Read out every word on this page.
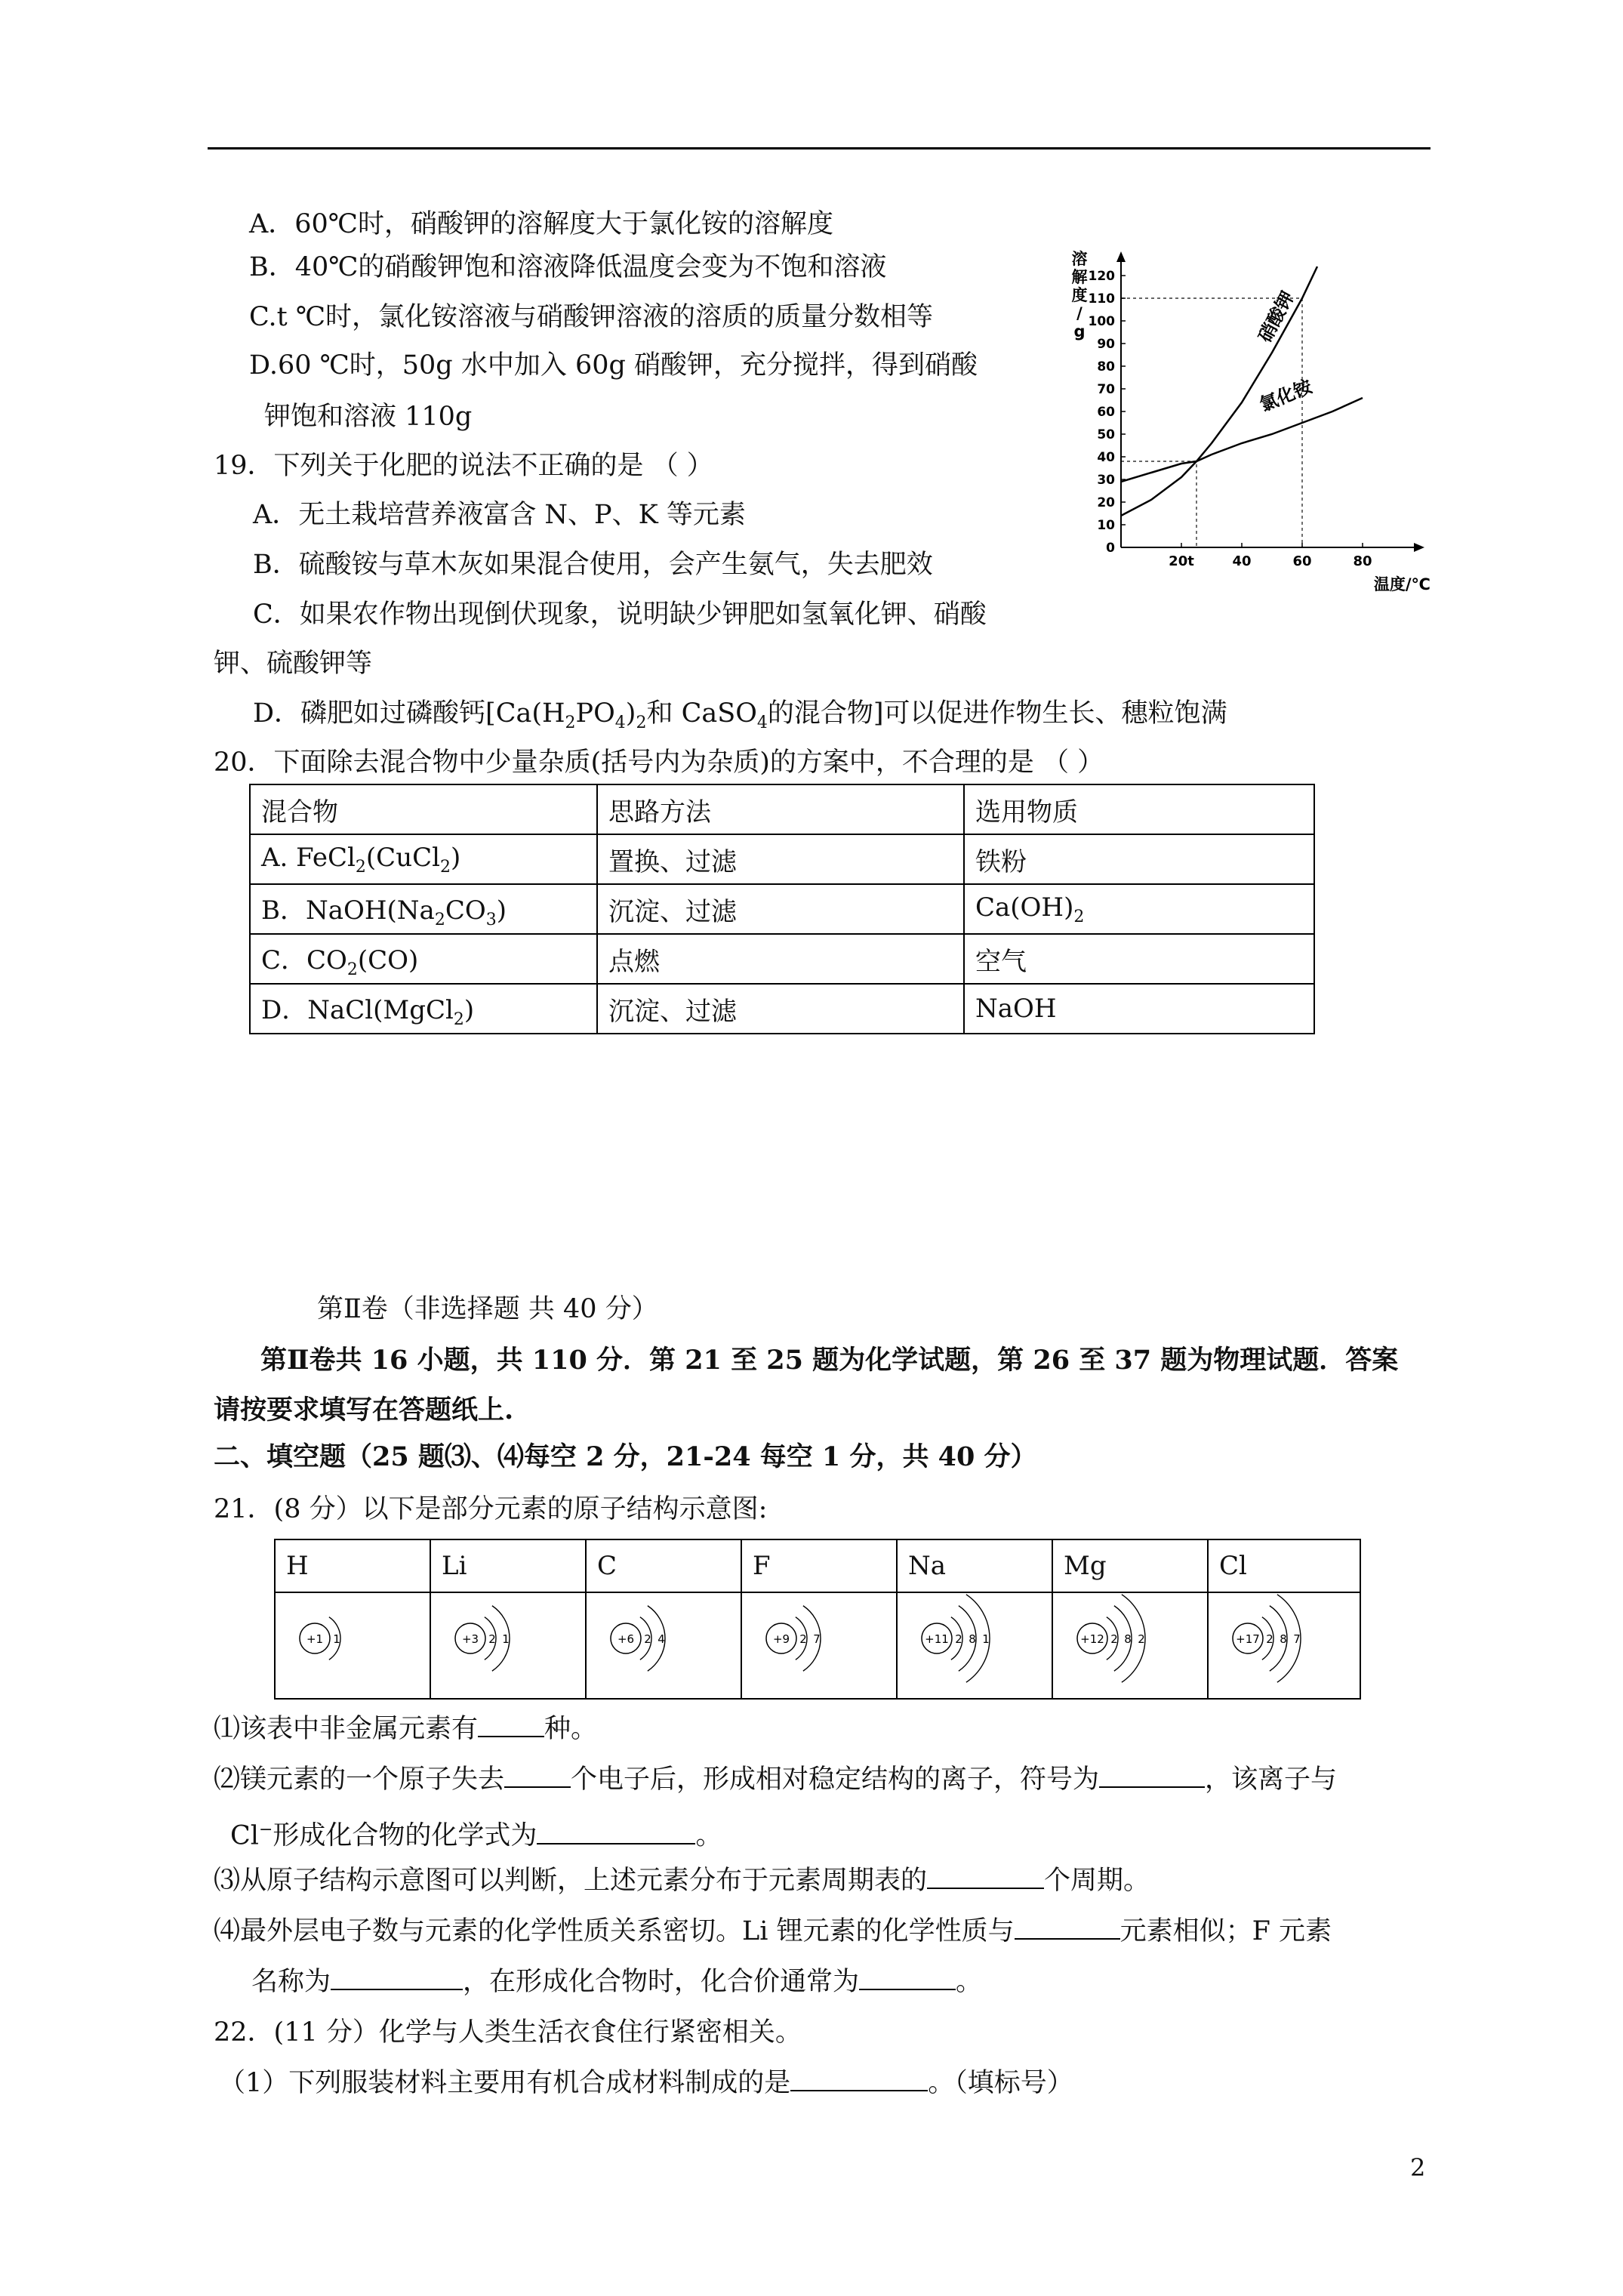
A．60℃时，硝酸钾的溶解度大于氯化铵的溶解度
B．40℃的硝酸钾饱和溶液降低温度会变为不饱和溶液
C.t ℃时，氯化铵溶液与硝酸钾溶液的溶质的质量分数相等
D.60 ℃时，50g 水中加入 60g 硝酸钾，充分搅拌，得到硝酸
钾饱和溶液 110g
19．下列关于化肥的说法不正确的是 （ ）
A．无土栽培营养液富含 N、P、K 等元素
B．硫酸铵与草木灰如果混合使用，会产生氨气，失去肥效
C．如果农作物出现倒伏现象，说明缺少钾肥如氢氧化钾、硝酸
钾、硫酸钾等
D．磷肥如过磷酸钙[$Ca(H_2PO_4)_2$和 CaSO$_4$的混合物]可以促进作物生长、穗粒饱满
0
10
20
30
40
50
60
70
80
90
100
110
120
20t	40	60	80
硝酸钾
氯化铵
溶
解
度
/
g
温度/℃
20．下面除去混合物中少量杂质(括号内为杂质)的方案中，不合理的是 （ ）
混合物	思路方法	选用物质
A. FeCl$_2$(CuCl$_2$)	置换、过滤	铁粉
B．$NaOH(Na_2CO_3)$	沉淀、过滤	$Ca(OH)_2$
C．$CO_2(CO)$	点燃	空气
D．NaCl(MgCl$_2$)	沉淀、过滤	NaOH
第Ⅱ卷（非选择题 共 40 分）
第Ⅱ卷共 16 小题，共 110 分．第 21 至 25 题为化学试题，第 26 至 37 题为物理试题．答案
请按要求填写在答题纸上.
二、填空题（25 题⑶、⑷每空 2 分，21-24 每空 1 分，共 40 分）
21．(8 分）以下是部分元素的原子结构示意图:
H	Li	C	F	Na	Mg	Cl

+1 1	+3 2 1	+6 2 4	+9 2 7	+11 2 8 1	+12 2 8 2	+17 2 8 7
⑴该表中非金属元素有	种。
⑵镁元素的一个原子失去	个电子后，形成相对稳定结构的离子，符号为	，该离子与
Cl−形成化合物的化学式为	。
⑶从原子结构示意图可以判断，上述元素分布于元素周期表的	个周期。
⑷最外层电子数与元素的化学性质关系密切。Li 锂元素的化学性质与	元素相似；F 元素
名称为	，在形成化合物时，化合价通常为	。
22．(11 分）化学与人类生活衣食住行紧密相关。
（1）下列服装材料主要用有机合成材料制成的是	。（填标号）
2
